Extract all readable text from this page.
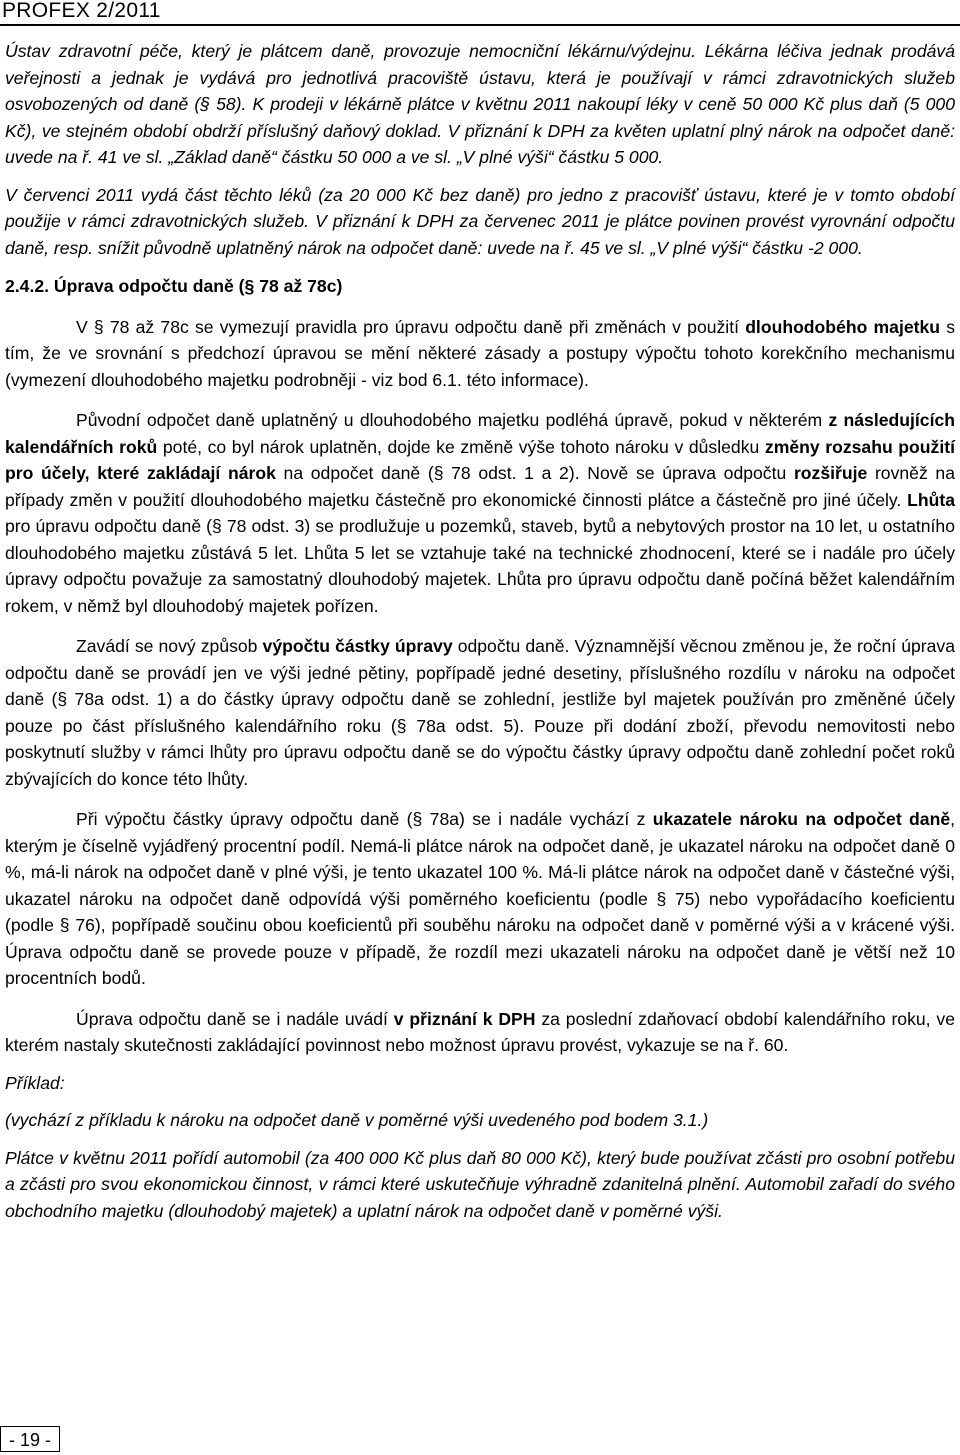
PROFEX 2/2011

Ústav zdravotní péče, který je plátcem daně, provozuje nemocniční lékárnu/výdejnu. Lékárna léčiva jednak prodává veřejnosti a jednak je vydává pro jednotlivá pracoviště ústavu, která je používají v rámci zdravotnických služeb osvobozených od daně (§ 58). K prodeji v lékárně plátce v květnu 2011 nakoupí léky v ceně 50 000 Kč plus daň (5 000 Kč), ve stejném období obdrží příslušný daňový doklad. V přiznání k DPH za květen uplatní plný nárok na odpočet daně: uvede na ř. 41 ve sl. „Základ daně“ částku 50 000 a ve sl. „V plné výši“ částku 5 000.

V červenci 2011 vydá část těchto léků (za 20 000 Kč bez daně) pro jedno z pracovišť ústavu, které je v tomto období použije v rámci zdravotnických služeb. V přiznání k DPH za červenec 2011 je plátce povinen provést vyrovnání odpočtu daně, resp. snížit původně uplatněný nárok na odpočet daně: uvede na ř. 45 ve sl. „V plné výši“ částku -2 000.

2.4.2. Úprava odpočtu daně (§ 78 až 78c)

V § 78 až 78c se vymezují pravidla pro úpravu odpočtu daně při změnách v použití dlouhodobého majetku s tím, že ve srovnání s předchozí úpravou se mění některé zásady a postupy výpočtu tohoto korekčního mechanismu (vymezení dlouhodobého majetku podrobněji - viz bod 6.1. této informace).

Původní odpočet daně uplatněný u dlouhodobého majetku podléhá úpravě, pokud v některém z následujících kalendářních roků poté, co byl nárok uplatněn, dojde ke změně výše tohoto nároku v důsledku změny rozsahu použití pro účely, které zakládají nárok na odpočet daně (§ 78 odst. 1 a 2). Nově se úprava odpočtu rozšiřuje rovněž na případy změn v použití dlouhodobého majetku částečně pro ekonomické činnosti plátce a částečně pro jiné účely. Lhůta pro úpravu odpočtu daně (§ 78 odst. 3) se prodlužuje u pozemků, staveb, bytů a nebytových prostor na 10 let, u ostatního dlouhodobého majetku zůstává 5 let. Lhůta 5 let se vztahuje také na technické zhodnocení, které se i nadále pro účely úpravy odpočtu považuje za samostatný dlouhodobý majetek. Lhůta pro úpravu odpočtu daně počíná běžet kalendářním rokem, v němž byl dlouhodobý majetek pořízen.

Zavádí se nový způsob výpočtu částky úpravy odpočtu daně. Významnější věcnou změnou je, že roční úprava odpočtu daně se provádí jen ve výši jedné pětiny, popřípadě jedné desetiny, příslušného rozdílu v nároku na odpočet daně (§ 78a odst. 1) a do částky úpravy odpočtu daně se zohlední, jestliže byl majetek používán pro změněné účely pouze po část příslušného kalendářního roku (§ 78a odst. 5). Pouze při dodání zboží, převodu nemovitosti nebo poskytnutí služby v rámci lhůty pro úpravu odpočtu daně se do výpočtu částky úpravy odpočtu daně zohlední počet roků zbývajících do konce této lhůty.

Při výpočtu částky úpravy odpočtu daně (§ 78a) se i nadále vychází z ukazatele nároku na odpočet daně, kterým je číselně vyjádřený procentní podíl. Nemá-li plátce nárok na odpočet daně, je ukazatel nároku na odpočet daně 0 %, má-li nárok na odpočet daně v plné výši, je tento ukazatel 100 %. Má-li plátce nárok na odpočet daně v částečné výši, ukazatel nároku na odpočet daně odpovídá výši poměrného koeficientu (podle § 75) nebo vypořádacího koeficientu (podle § 76), popřípadě součinu obou koeficientů při souběhu nároku na odpočet daně v poměrné výši a v krácené výši. Úprava odpočtu daně se provede pouze v případě, že rozdíl mezi ukazateli nároku na odpočet daně je větší než 10 procentních bodů.

Úprava odpočtu daně se i nadále uvádí v přiznání k DPH za poslední zdaňovací období kalendářního roku, ve kterém nastaly skutečnosti zakládající povinnost nebo možnost úpravu provést, vykazuje se na ř. 60.

Příklad:

(vychází z příkladu k nároku na odpočet daně v poměrné výši uvedeného pod bodem 3.1.)

Plátce v květnu 2011 pořídí automobil (za 400 000 Kč plus daň 80 000 Kč), který bude používat zčásti pro osobní potřebu a zčásti pro svou ekonomickou činnost, v rámci které uskutečňuje výhradně zdanitelná plnění. Automobil zařadí do svého obchodního majetku (dlouhodobý majetek) a uplatní nárok na odpočet daně v poměrné výši.

- 19 -
